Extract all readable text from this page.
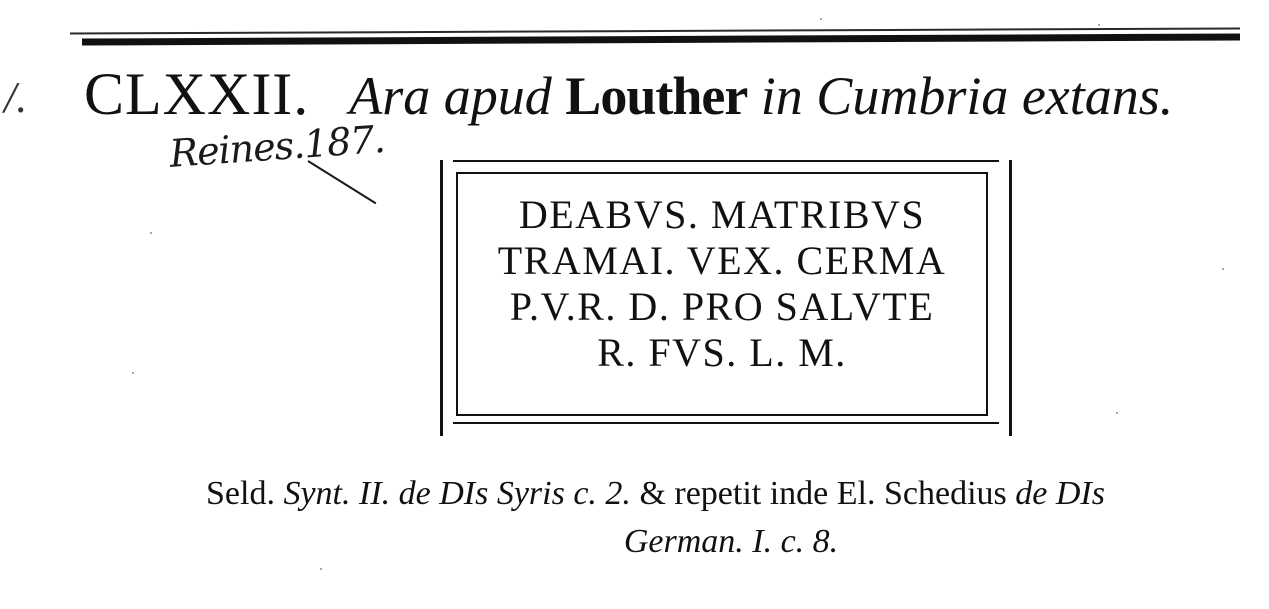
/. CLXXII. Ara apud Louther in Cumbria extans.
Reines.187.
DEABVS. MATRIBVS
TRAMAI. VEX. CERMA
P.V.R. D. PRO SALVTE
R. FVS. L. M.
Seld. Synt. II. de DIs Syris c. 2. & repetit inde El. Schedius de DIs
German. I. c. 8.
